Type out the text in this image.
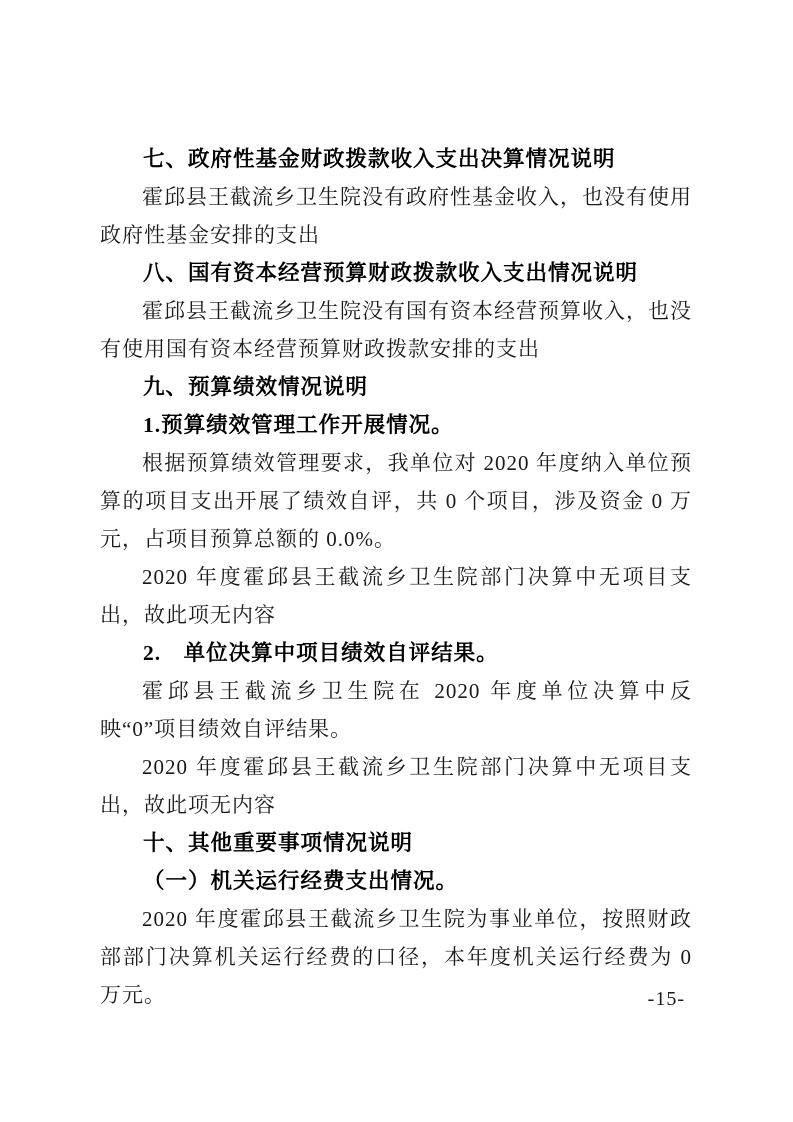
七、政府性基金财政拨款收入支出决算情况说明

霍邱县王截流乡卫生院没有政府性基金收入，也没有使用政府性基金安排的支出

八、国有资本经营预算财政拨款收入支出情况说明

霍邱县王截流乡卫生院没有国有资本经营预算收入，也没有使用国有资本经营预算财政拨款安排的支出

九、预算绩效情况说明
1.预算绩效管理工作开展情况。

根据预算绩效管理要求，我单位对 2020 年度纳入单位预算的项目支出开展了绩效自评，共 0 个项目，涉及资金 0 万元，占项目预算总额的 0.0%。

2020 年度霍邱县王截流乡卫生院部门决算中无项目支出，故此项无内容

2.　单位决算中项目绩效自评结果。

霍邱县王截流乡卫生院在 2020 年度单位决算中反映“0”项目绩效自评结果。

2020 年度霍邱县王截流乡卫生院部门决算中无项目支出，故此项无内容

十、其他重要事项情况说明
（一）机关运行经费支出情况。

2020 年度霍邱县王截流乡卫生院为事业单位，按照财政部部门决算机关运行经费的口径，本年度机关运行经费为 0 万元。	-15-
